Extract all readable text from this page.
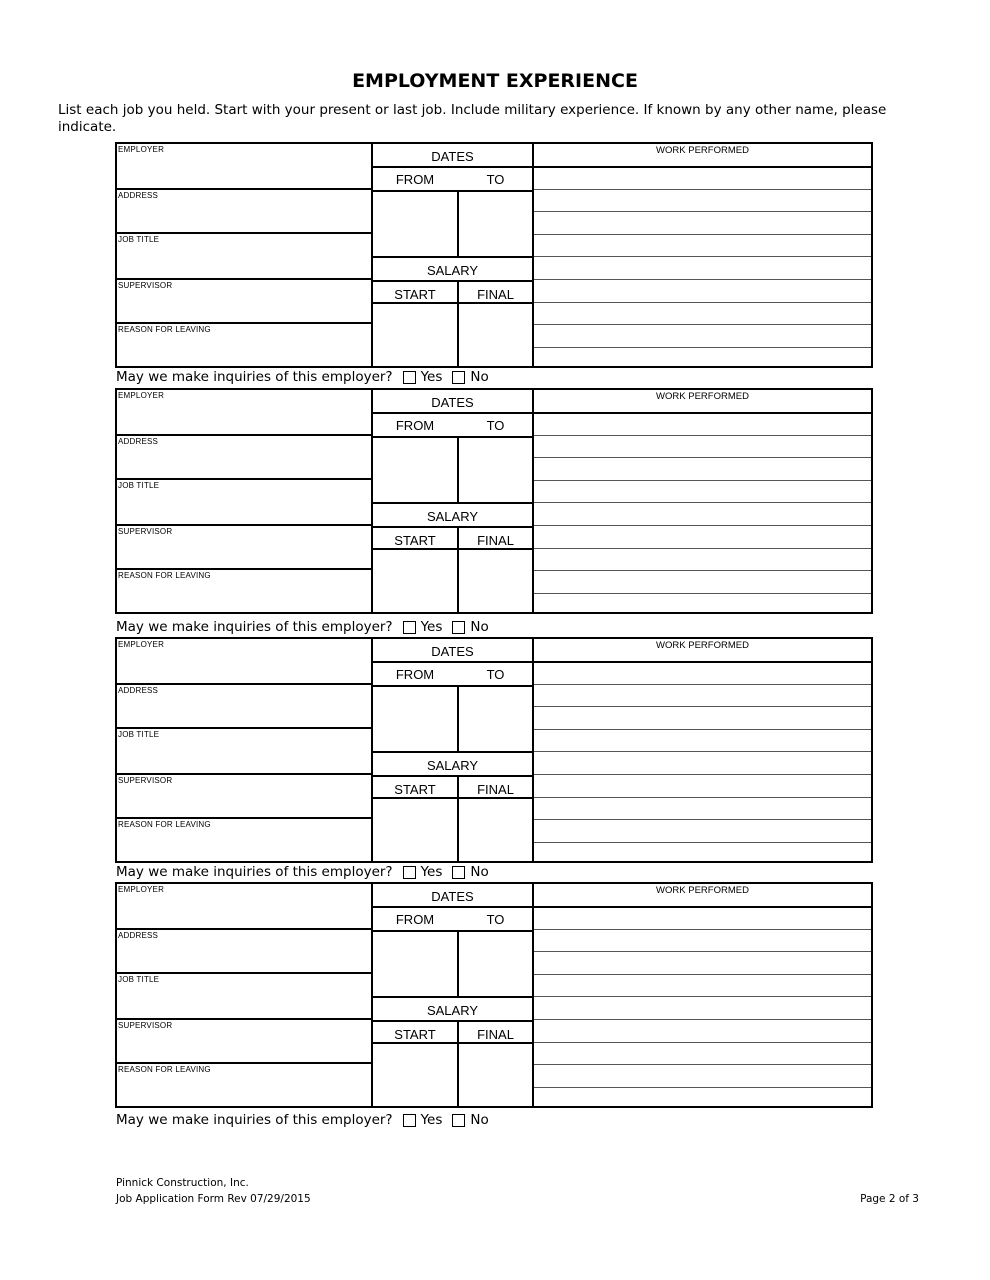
EMPLOYMENT EXPERIENCE
List each job you held. Start with your present or last job. Include military experience. If known by any other name, please indicate.
EMPLOYER
ADDRESS
JOB TITLE
SUPERVISOR
REASON FOR LEAVING
DATES
FROM	TO
SALARY
START	FINAL
WORK PERFORMED
May we make inquiries of this employer? Yes No
EMPLOYER
ADDRESS
JOB TITLE
SUPERVISOR
REASON FOR LEAVING
DATES
FROM	TO
SALARY
START	FINAL
WORK PERFORMED
May we make inquiries of this employer? Yes No
EMPLOYER
ADDRESS
JOB TITLE
SUPERVISOR
REASON FOR LEAVING
DATES
FROM	TO
SALARY
START	FINAL
WORK PERFORMED
May we make inquiries of this employer? Yes No
EMPLOYER
ADDRESS
JOB TITLE
SUPERVISOR
REASON FOR LEAVING
DATES
FROM	TO
SALARY
START	FINAL
WORK PERFORMED
May we make inquiries of this employer? Yes No
Pinnick Construction, Inc.
Job Application Form Rev 07/29/2015	Page 2 of 3
